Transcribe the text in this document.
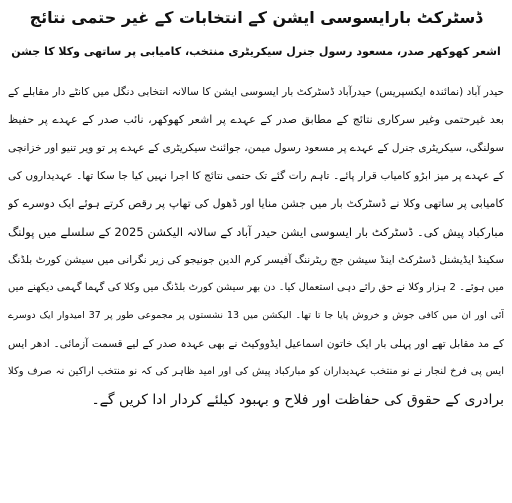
ڈسٹرکٹ بارایسوسی ایشن کے انتخابات کے غیر حتمی نتائج
اشعر کھوکھر صدر، مسعود رسول جنرل سیکریٹری منتخب، کامیابی پر ساتھی وکلا کا جشن
حیدر آباد (نمائندہ ایکسپریس) حیدرآباد ڈسٹرکٹ بار ایسوسی ایشن کا سالانہ انتخابی دنگل میں کانٹے دار مقابلے کے
بعد غیرحتمی وغیر سرکاری نتائج کے مطابق صدر کے عہدے پر اشعر کھوکھر، نائب صدر کے عہدے پر حفیظ
سولنگی، سیکریٹری جنرل کے عہدے پر مسعود رسول میمن، جوائنٹ سیکریٹری کے عہدے پر تو ویر تنیو اور خزانچی
کے عہدے پر میز ابڑو کامیاب قرار پائے۔ تاہم رات گئے تک حتمی نتائج کا اجرا نہیں کیا جا سکا تھا۔ عہدیداروں کی
کامیابی پر ساتھی وکلا نے ڈسٹرکٹ بار میں جشن منایا اور ڈھول کی تھاپ پر رقص کرتے ہوئے ایک دوسرے کو
مبارکباد پیش کی۔ ڈسٹرکٹ بار ایسوسی ایشن حیدر آباد کے سالانہ الیکشن 2025 کے سلسلے میں پولنگ
سکینڈ ایڈیشنل ڈسٹرکٹ اینڈ سیشن جج ریٹرننگ آفیسر کرم الدین جونیجو کی زیر نگرانی میں سیشن کورٹ بلڈنگ
میں ہوئے۔ 2 ہزار وکلا نے حق رائے دہی استعمال کیا۔ دن بھر سیشن کورٹ بلڈنگ میں وکلا کی گہما گہمی دیکھنے میں
آئی اور ان میں کافی جوش و خروش پایا جا تا تھا۔ الیکشن میں 13 نشستوں پر مجموعی طور پر 37 امیدوار ایک دوسرے
کے مد مقابل تھے اور پہلی بار ایک خاتون اسماعیل ایڈووکیٹ نے بھی عہدہ صدر کے لیے قسمت آزمائی۔ ادھر ایس
ایس پی فرخ لنجار نے نو منتخب عہدیداران کو مبارکباد پیش کی اور امید ظاہر کی کہ نو منتخب اراکین نہ صرف وکلا
برادری کے حقوق کی حفاظت اور فلاح و بہبود کیلئے کردار ادا کریں گے۔
